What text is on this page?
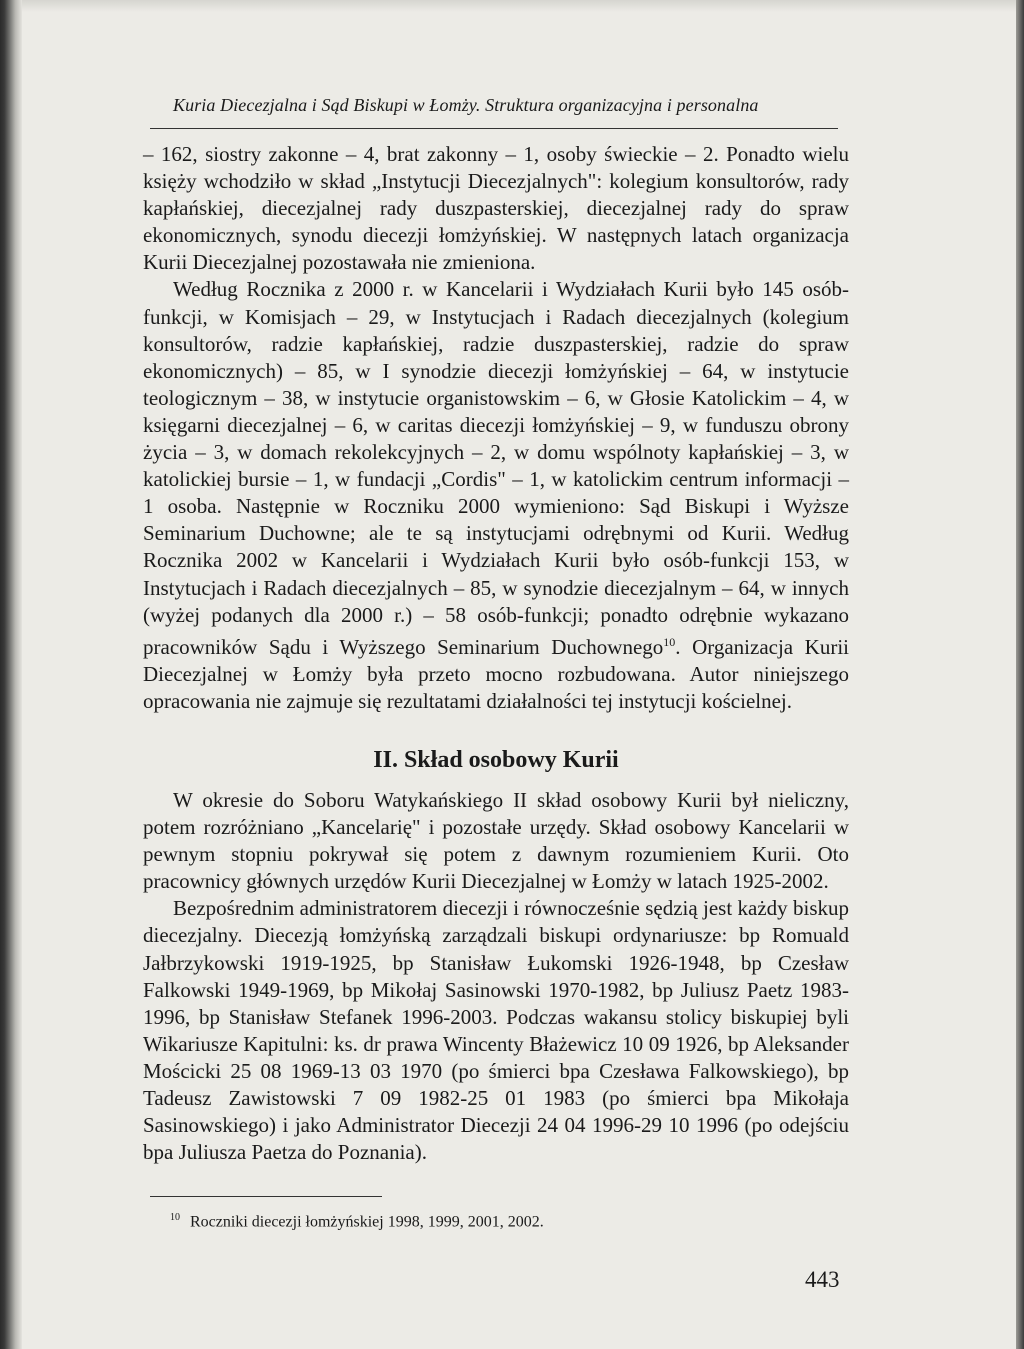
Kuria Diecezjalna i Sąd Biskupi w Łomży. Struktura organizacyjna i personalna

– 162, siostry zakonne – 4, brat zakonny – 1, osoby świeckie – 2. Ponadto wielu księży wchodziło w skład „Instytucji Diecezjalnych": kolegium konsultorów, rady kapłańskiej, diecezjalnej rady duszpasterskiej, diecezjalnej rady do spraw ekonomicznych, synodu diecezji łomżyńskiej. W następnych latach organizacja Kurii Diecezjalnej pozostawała nie zmieniona.

Według Rocznika z 2000 r. w Kancelarii i Wydziałach Kurii było 145 osób-funkcji, w Komisjach – 29, w Instytucjach i Radach diecezjalnych (kolegium konsultorów, radzie kapłańskiej, radzie duszpasterskiej, radzie do spraw ekonomicznych) – 85, w I synodzie diecezji łomżyńskiej – 64, w instytucie teologicznym – 38, w instytucie organistowskim – 6, w Głosie Katolickim – 4, w księgarni diecezjalnej – 6, w caritas diecezji łomżyńskiej – 9, w funduszu obrony życia – 3, w domach rekolekcyjnych – 2, w domu wspólnoty kapłańskiej – 3, w katolickiej bursie – 1, w fundacji „Cordis" – 1, w katolickim centrum informacji – 1 osoba. Następnie w Roczniku 2000 wymieniono: Sąd Biskupi i Wyższe Seminarium Duchowne; ale te są instytucjami odrębnymi od Kurii. Według Rocznika 2002 w Kancelarii i Wydziałach Kurii było osób-funkcji 153, w Instytucjach i Radach diecezjalnych – 85, w synodzie diecezjalnym – 64, w innych (wyżej podanych dla 2000 r.) – 58 osób-funkcji; ponadto odrębnie wykazano pracowników Sądu i Wyższego Seminarium Duchownego$^{10}$. Organizacja Kurii Diecezjalnej w Łomży była przeto mocno rozbudowana. Autor niniejszego opracowania nie zajmuje się rezultatami działalności tej instytucji kościelnej.

II. Skład osobowy Kurii

W okresie do Soboru Watykańskiego II skład osobowy Kurii był nieliczny, potem rozróżniano „Kancelarię" i pozostałe urzędy. Skład osobowy Kancelarii w pewnym stopniu pokrywał się potem z dawnym rozumieniem Kurii. Oto pracownicy głównych urzędów Kurii Diecezjalnej w Łomży w latach 1925-2002.

Bezpośrednim administratorem diecezji i równocześnie sędzią jest każdy biskup diecezjalny. Diecezją łomżyńską zarządzali biskupi ordynariusze: bp Romuald Jałbrzykowski 1919-1925, bp Stanisław Łukomski 1926-1948, bp Czesław Falkowski 1949-1969, bp Mikołaj Sasinowski 1970-1982, bp Juliusz Paetz 1983-1996, bp Stanisław Stefanek 1996-2003. Podczas wakansu stolicy biskupiej byli Wikariusze Kapitulni: ks. dr prawa Wincenty Błażewicz 10 09 1926, bp Aleksander Mościcki 25 08 1969-13 03 1970 (po śmierci bpa Czesława Falkowskiego), bp Tadeusz Zawistowski 7 09 1982-25 01 1983 (po śmierci bpa Mikołaja Sasinowskiego) i jako Administrator Diecezji 24 04 1996-29 10 1996 (po odejściu bpa Juliusza Paetza do Poznania).

$^{10}$ Roczniki diecezji łomżyńskiej 1998, 1999, 2001, 2002.
443
